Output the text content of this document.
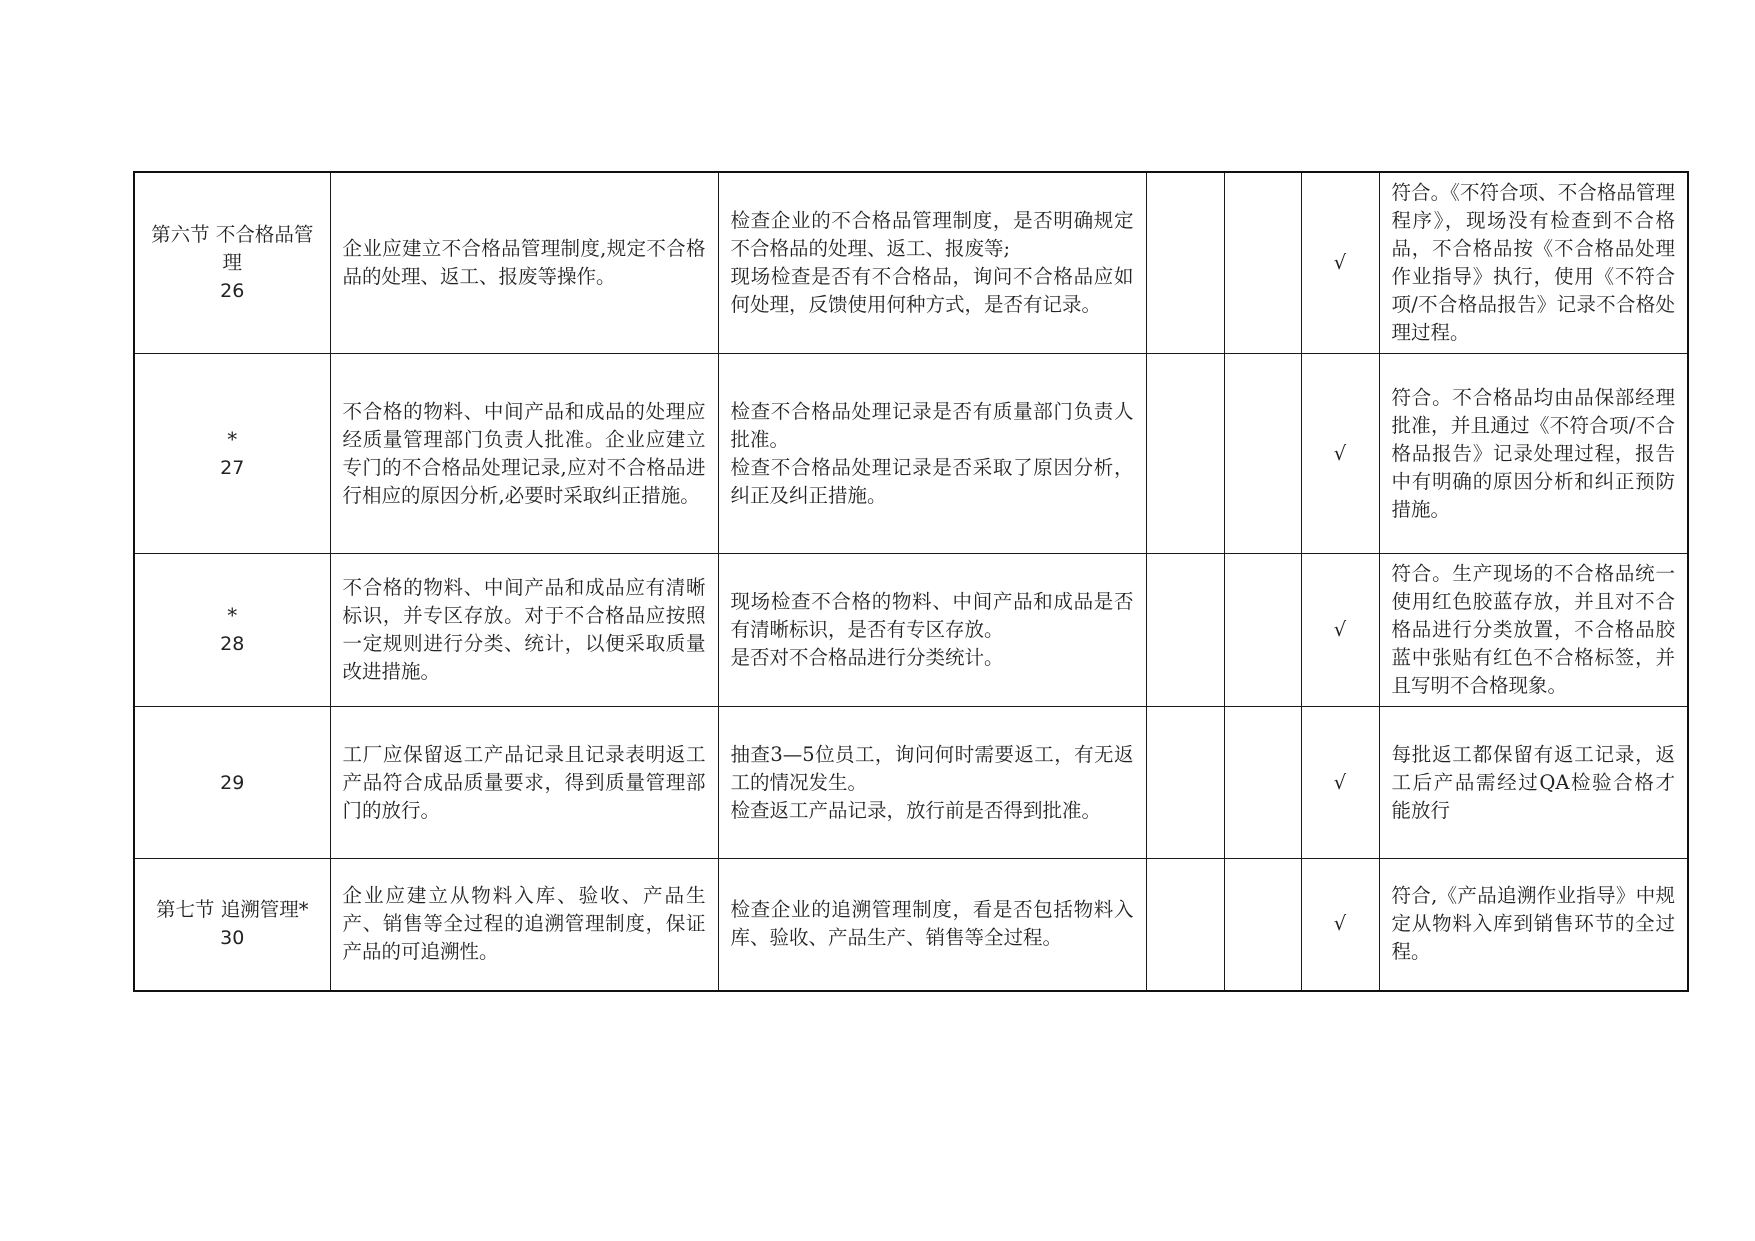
第六节 不合格品管理
26	企业应建立不合格品管理制度,规定不合格品的处理、返工、报废等操作。	检查企业的不合格品管理制度，是否明确规定不合格品的处理、返工、报废等;
现场检查是否有不合格品，询问不合格品应如何处理，反馈使用何种方式，是否有记录。			√	符合。《不符合项、不合格品管理程序》，现场没有检查到不合格品，不合格品按《不合格品处理作业指导》执行，使用《不符合项/不合格品报告》记录不合格处理过程。

*
27	不合格的物料、中间产品和成品的处理应经质量管理部门负责人批准。企业应建立专门的不合格品处理记录,应对不合格品进行相应的原因分析,必要时采取纠正措施。	检查不合格品处理记录是否有质量部门负责人批准。
检查不合格品处理记录是否采取了原因分析，纠正及纠正措施。			√	符合。不合格品均由品保部经理批准，并且通过《不符合项/不合格品报告》记录处理过程，报告中有明确的原因分析和纠正预防措施。

*
28	不合格的物料、中间产品和成品应有清晰标识，并专区存放。对于不合格品应按照一定规则进行分类、统计，以便采取质量改进措施。	现场检查不合格的物料、中间产品和成品是否有清晰标识，是否有专区存放。
是否对不合格品进行分类统计。			√	符合。生产现场的不合格品统一使用红色胶蓝存放，并且对不合格品进行分类放置，不合格品胶蓝中张贴有红色不合格标签，并且写明不合格现象。

29	工厂应保留返工产品记录且记录表明返工产品符合成品质量要求，得到质量管理部门的放行。	抽查3—5位员工，询问何时需要返工，有无返工的情况发生。
检查返工产品记录，放行前是否得到批准。			√	每批返工都保留有返工记录，返工后产品需经过QA检验合格才能放行

第七节 追溯管理*
30	企业应建立从物料入库、验收、产品生产、销售等全过程的追溯管理制度，保证产品的可追溯性。	检查企业的追溯管理制度，看是否包括物料入库、验收、产品生产、销售等全过程。			√	符合,《产品追溯作业指导》中规定从物料入库到销售环节的全过程。
